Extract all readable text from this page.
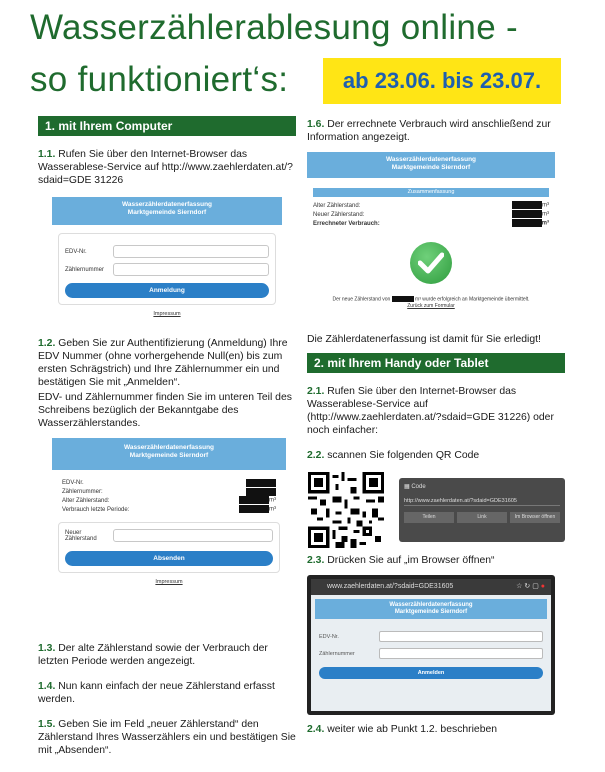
Wasserzählerablesung online -
so funktioniert‘s:	ab 23.06. bis 23.07.
1. mit Ihrem Computer
1.1. Rufen Sie über den Internet-Browser das Wasserablese-Service auf http://www.zaehlerdaten.at/?sdaid=GDE 31226
Wasserzählerdatenerfassung
Marktgemeinde Sierndorf
EDV-Nr.
Zählernummer
Anmeldung
Impressum
1.2. Geben Sie zur Authentifizierung (Anmeldung) Ihre EDV Nummer (ohne vorhergehende Null(en) bis zum ersten Schrägstrich) und Ihre Zählernummer ein und bestätigen Sie mit „Anmelden“.
EDV- und Zählernummer finden Sie im unteren Teil des Schreibens bezüglich der Bekanntgabe des Wasserzählerstandes.
Wasserzählerdatenerfassung
Marktgemeinde Sierndorf
EDV-Nr.
Zählernummer:
Alter Zählerstand:	m³
Verbrauch letzte Periode:	m³
Neuer
Zählerstand
Absenden
Impressum
1.3. Der alte Zählerstand sowie der Verbrauch der letzten Periode werden angezeigt.
1.4. Nun kann einfach der neue Zählerstand erfasst werden.
1.5. Geben Sie im Feld „neuer Zählerstand“ den Zählerstand Ihres Wasserzählers ein und bestätigen Sie mit „Absenden“.
1.6. Der errechnete Verbrauch wird anschließend zur Information angezeigt.
Wasserzählerdatenerfassung
Marktgemeinde Sierndorf
Zusammenfassung
Alter Zählerstand:	m³
Neuer Zählerstand:	m³
Errechneter Verbrauch:	m³
Der neue Zählerstand von	m³ wurde erfolgreich an Marktgemeinde übermittelt.
Zurück zum Formular
Die Zählerdatenerfassung ist damit für Sie erledigt!
2. mit Ihrem Handy oder Tablet
2.1. Rufen Sie über den Internet-Browser das Wasserablese-Service auf (http://www.zaehlerdaten.at/?sdaid=GDE 31226) oder noch einfacher:
2.2. scannen Sie folgenden QR Code
▦ Code
http://www.zaehlerdaten.at/?sdaid=GDE31605
Teilen	Link	Im Browser öffnen
2.3. Drücken Sie auf „im Browser öffnen“
www.zaehlerdaten.at/?sdaid=GDE31605	☆ ↻ ▢ ●
Wasserzählerdatenerfassung
Marktgemeinde Sierndorf
EDV-Nr.
Zählernummer
Anmelden
2.4. weiter wie ab Punkt 1.2. beschrieben
